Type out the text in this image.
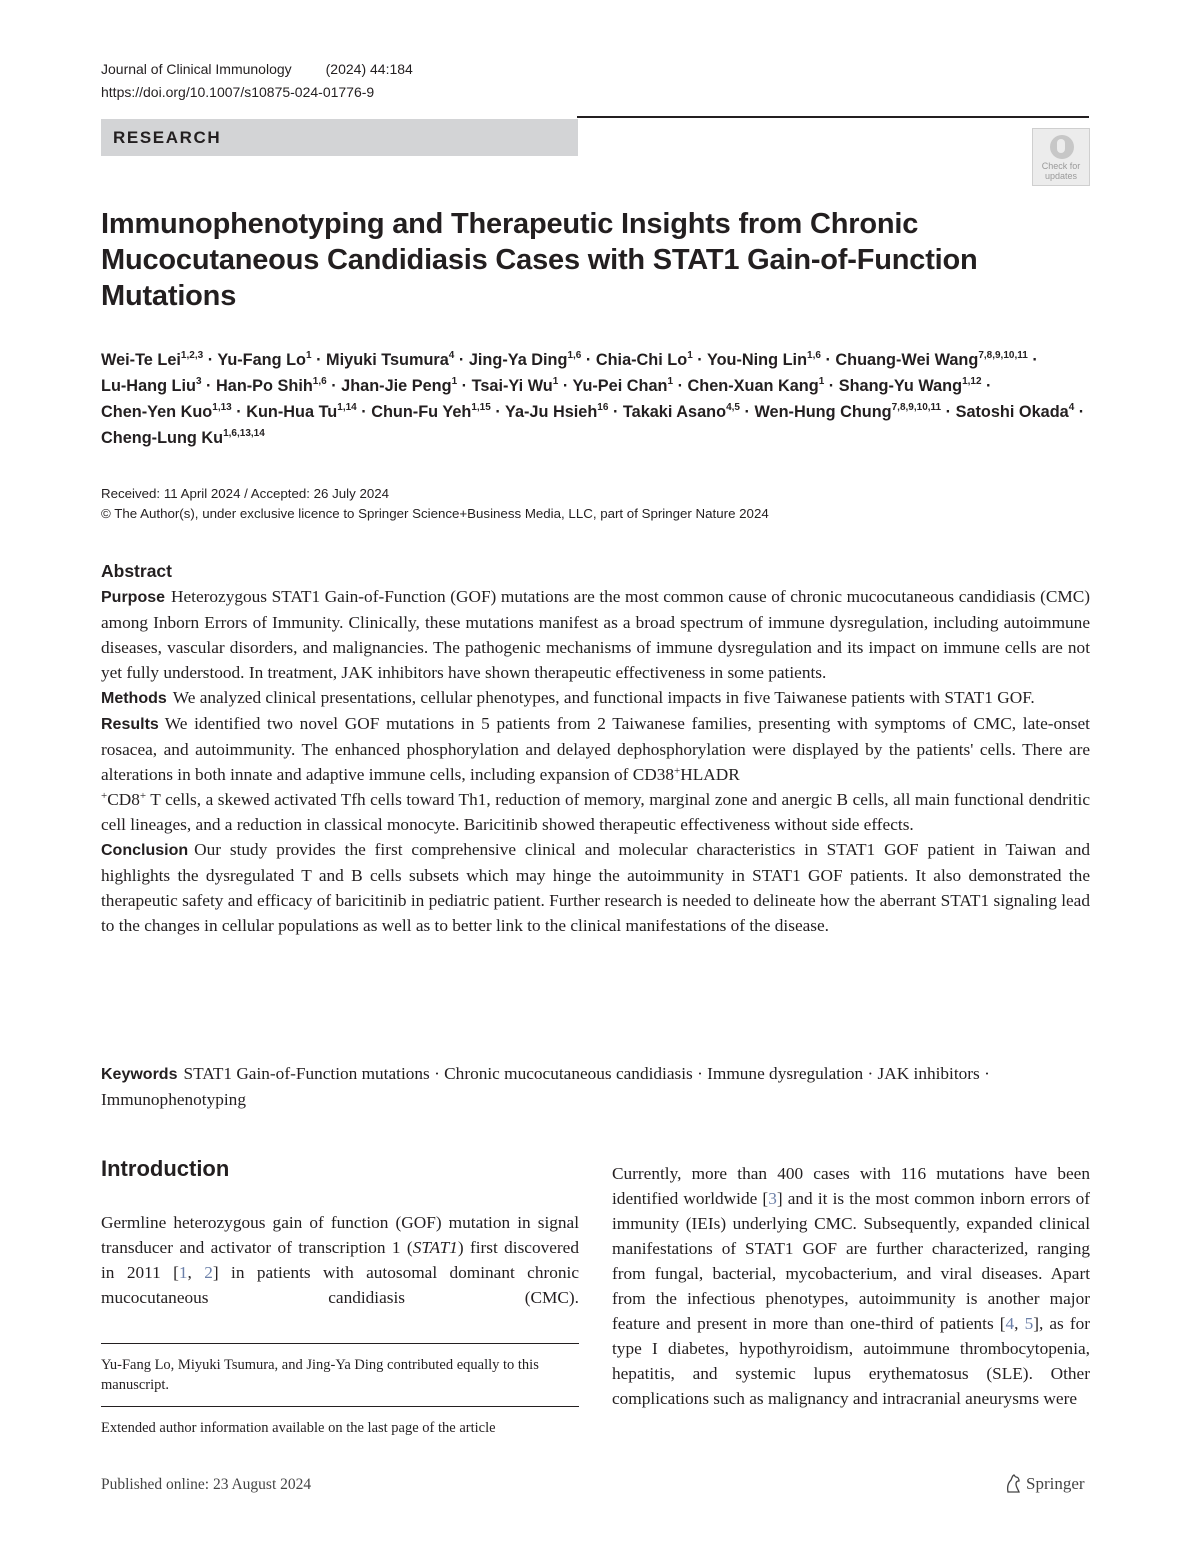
Journal of Clinical Immunology (2024) 44:184
https://doi.org/10.1007/s10875-024-01776-9
RESEARCH
Check for
updates
Immunophenotyping and Therapeutic Insights from Chronic Mucocutaneous Candidiasis Cases with STAT1 Gain-of-Function Mutations
Wei-Te Lei$^{1,2,3}$ · Yu-Fang $Lo^1$ · Miyuki Tsumura$^4$ · Jing-Ya Ding$^{1,6}$ · Chia-Chi $Lo^1$ · You-Ning Lin$^{1,6}$ · Chuang-Wei Wang$^{7,8,9,10,11}$ · Lu-Hang Liu$^3$ · Han-Po Shih$^{1,6}$ · Jhan-Jie Peng$^1$ · Tsai-Yi $Wu^1 \cdot Yu-Pei$ Chan$^1$ · Chen-Xuan Kang$^1$ · Shang-Yu Wang$^{1,12}$ · Chen-Yen Kuo$^{1,13}$ · Kun-Hua Tu$^{1,14}$ · Chun-Fu Yeh$^{1,15}$ · Ya-Ju Hsieh$^{16}$ · Takaki Asano$^{4,5}$ · Wen-Hung Chung$^{7,8,9,10,11}$ · Satoshi Okada$^4$ · Cheng-Lung Ku$^{1,6,13,14}$
Received: 11 April 2024 / Accepted: 26 July 2024
© The Author(s), under exclusive licence to Springer Science+Business Media, LLC, part of Springer Nature 2024
Abstract

Purpose Heterozygous STAT1 Gain-of-Function (GOF) mutations are the most common cause of chronic mucocutaneous candidiasis (CMC) among Inborn Errors of Immunity. Clinically, these mutations manifest as a broad spectrum of immune dysregulation, including autoimmune diseases, vascular disorders, and malignancies. The pathogenic mechanisms of immune dysregulation and its impact on immune cells are not yet fully understood. In treatment, JAK inhibitors have shown therapeutic effectiveness in some patients.

Methods We analyzed clinical presentations, cellular phenotypes, and functional impacts in five Taiwanese patients with STAT1 GOF.

Results We identified two novel GOF mutations in 5 patients from 2 Taiwanese families, presenting with symptoms of CMC, late-onset rosacea, and autoimmunity. The enhanced phosphorylation and delayed dephosphorylation were displayed by the patients' cells. There are alterations in both innate and adaptive immune cells, including expansion of CD38+HLADR
+CD8+ T cells, a skewed activated Tfh cells toward Th1, reduction of memory, marginal zone and anergic B cells, all main functional dendritic cell lineages, and a reduction in classical monocyte. Baricitinib showed therapeutic effectiveness without side effects.

Conclusion Our study provides the first comprehensive clinical and molecular characteristics in STAT1 GOF patient in Taiwan and highlights the dysregulated T and B cells subsets which may hinge the autoimmunity in STAT1 GOF patients. It also demonstrated the therapeutic safety and efficacy of baricitinib in pediatric patient. Further research is needed to delineate how the aberrant STAT1 signaling lead to the changes in cellular populations as well as to better link to the clinical manifestations of the disease.

Keywords STAT1 Gain-of-Function mutations · Chronic mucocutaneous candidiasis · Immune dysregulation · JAK inhibitors · Immunophenotyping
Introduction
Germline heterozygous gain of function (GOF) mutation in signal transducer and activator of transcription 1 (STAT1) first discovered in 2011 [1, 2] in patients with autosomal dominant chronic mucocutaneous candidiasis (CMC).
Currently, more than 400 cases with 116 mutations have been identified worldwide [3] and it is the most common inborn errors of immunity (IEIs) underlying CMC. Subsequently, expanded clinical manifestations of STAT1 GOF are further characterized, ranging from fungal, bacterial, mycobacterium, and viral diseases. Apart from the infectious phenotypes, autoimmunity is another major feature and present in more than one-third of patients [4, 5], as for type I diabetes, hypothyroidism, autoimmune thrombocytopenia, hepatitis, and systemic lupus erythematosus (SLE). Other complications such as malignancy and intracranial aneurysms were
Yu-Fang Lo, Miyuki Tsumura, and Jing-Ya Ding contributed equally to this manuscript.
Extended author information available on the last page of the article
Published online: 23 August 2024	Springer
